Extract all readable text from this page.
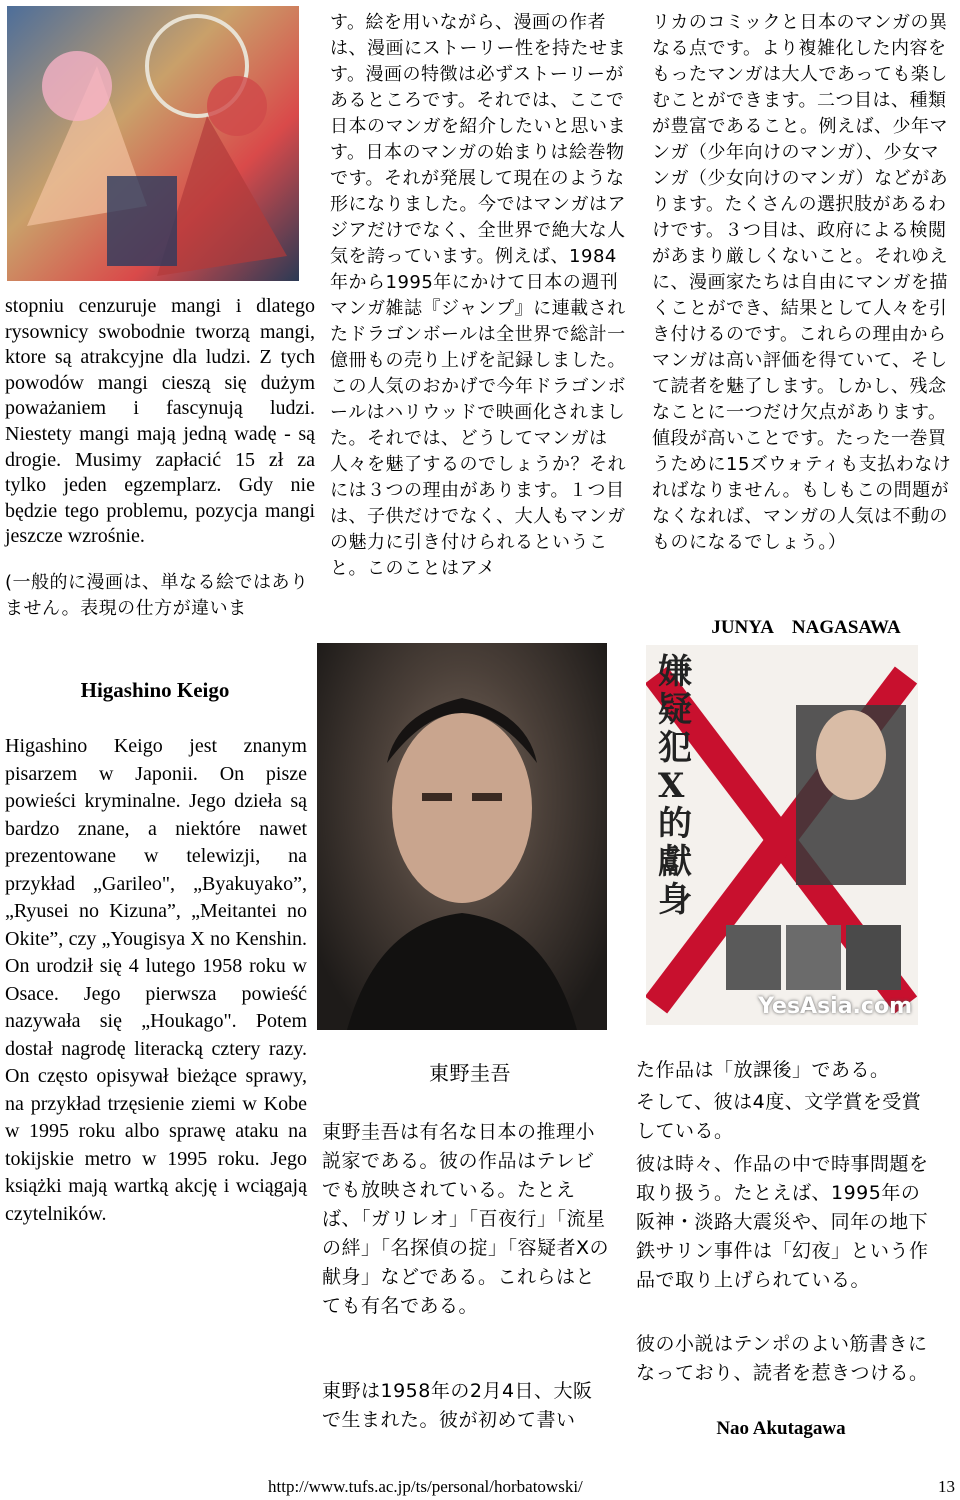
stopniu cenzuruje mangi i dlatego rysownicy swobodnie tworzą mangi, ktore są atrakcyjne dla ludzi. Z tych powodów mangi cieszą się dużym poważaniem i fascynują ludzi. Niestety mangi mają jedną wadę - są drogie. Musimy zapłacić 15 zł za tylko jeden egzemplarz. Gdy nie będzie tego problemu, pozycja mangi jeszcze wzrośnie.
(一般的に漫画は、単なる絵ではありません。表現の仕方が違いま
す。絵を用いながら、漫画の作者は、漫画にストーリー性を持たせます。漫画の特徴は必ずストーリーがあるところです。それでは、ここで日本のマンガを紹介したいと思います。日本のマンガの始まりは絵巻物です。それが発展して現在のような形になりました。今ではマンガはアジアだけでなく、全世界で絶大な人気を誇っています。例えば、1984年から1995年にかけて日本の週刊マンガ雑誌『ジャンプ』に連載されたドラゴンボールは全世界で総計一億冊もの売り上げを記録しました。この人気のおかげで今年ドラゴンボールはハリウッドで映画化されました。それでは、どうしてマンガは人々を魅了するのでしょうか？それには３つの理由があります。１つ目は、子供だけでなく、大人もマンガの魅力に引き付けられるということ。このことはアメ
リカのコミックと日本のマンガの異なる点です。より複雑化した内容をもったマンガは大人であっても楽しむことができます。二つ目は、種類が豊富であること。例えば、少年マンガ（少年向けのマンガ）、少女マンガ（少女向けのマンガ）などがあります。たくさんの選択肢があるわけです。３つ目は、政府による検閲があまり厳しくないこと。それゆえに、漫画家たちは自由にマンガを描くことができ、結果として人々を引き付けるのです。これらの理由からマンガは高い評価を得ていて、そして読者を魅了します。しかし、残念なことに一つだけ欠点があります。値段が高いことです。たった一巻買うために15ズウォティも支払わなければなりません。もしもこの問題がなくなれば、マンガの人気は不動のものになるでしょう。）
JUNYA　NAGASAWA
Higashino Keigo
Higashino Keigo jest znanym pisarzem w Japonii. On pisze powieści kryminalne. Jego dzieła są bardzo znane, a niektóre nawet prezentowane w telewizji, na przykład „Garileo", „Byakuyako”, „Ryusei no Kizuna”, „Meitantei no Okite”, czy „Yougisya X no Kenshin. On urodził się 4 lutego 1958 roku w Osace. Jego pierwsza powieść nazywała się „Houkago". Potem dostał nagrodę literacką cztery razy. On często opisywał bieżące sprawy, na przykład trzęsienie ziemi w Kobe w 1995 roku albo sprawę ataku na tokijskie metro w 1995 roku. Jego książki mają wartką akcję i wciągają czytelników.
嫌疑犯X的獻身
YesAsia.com
東野圭吾
東野圭吾は有名な日本の推理小説家である。彼の作品はテレビでも放映されている。たとえば、「ガリレオ」「百夜行」「流星の絆」「名探偵の掟」「容疑者Xの献身」などである。これらはとても有名である。
東野は1958年の2月4日、大阪で生まれた。彼が初めて書い
た作品は「放課後」である。
そして、彼は4度、文学賞を受賞している。
彼は時々、作品の中で時事問題を取り扱う。たとえば、1995年の阪神・淡路大震災や、同年の地下鉄サリン事件は「幻夜」という作品で取り上げられている。
彼の小説はテンポのよい筋書きになっており、読者を惹きつける。
Nao Akutagawa
http://www.tufs.ac.jp/ts/personal/horbatowski/	13
